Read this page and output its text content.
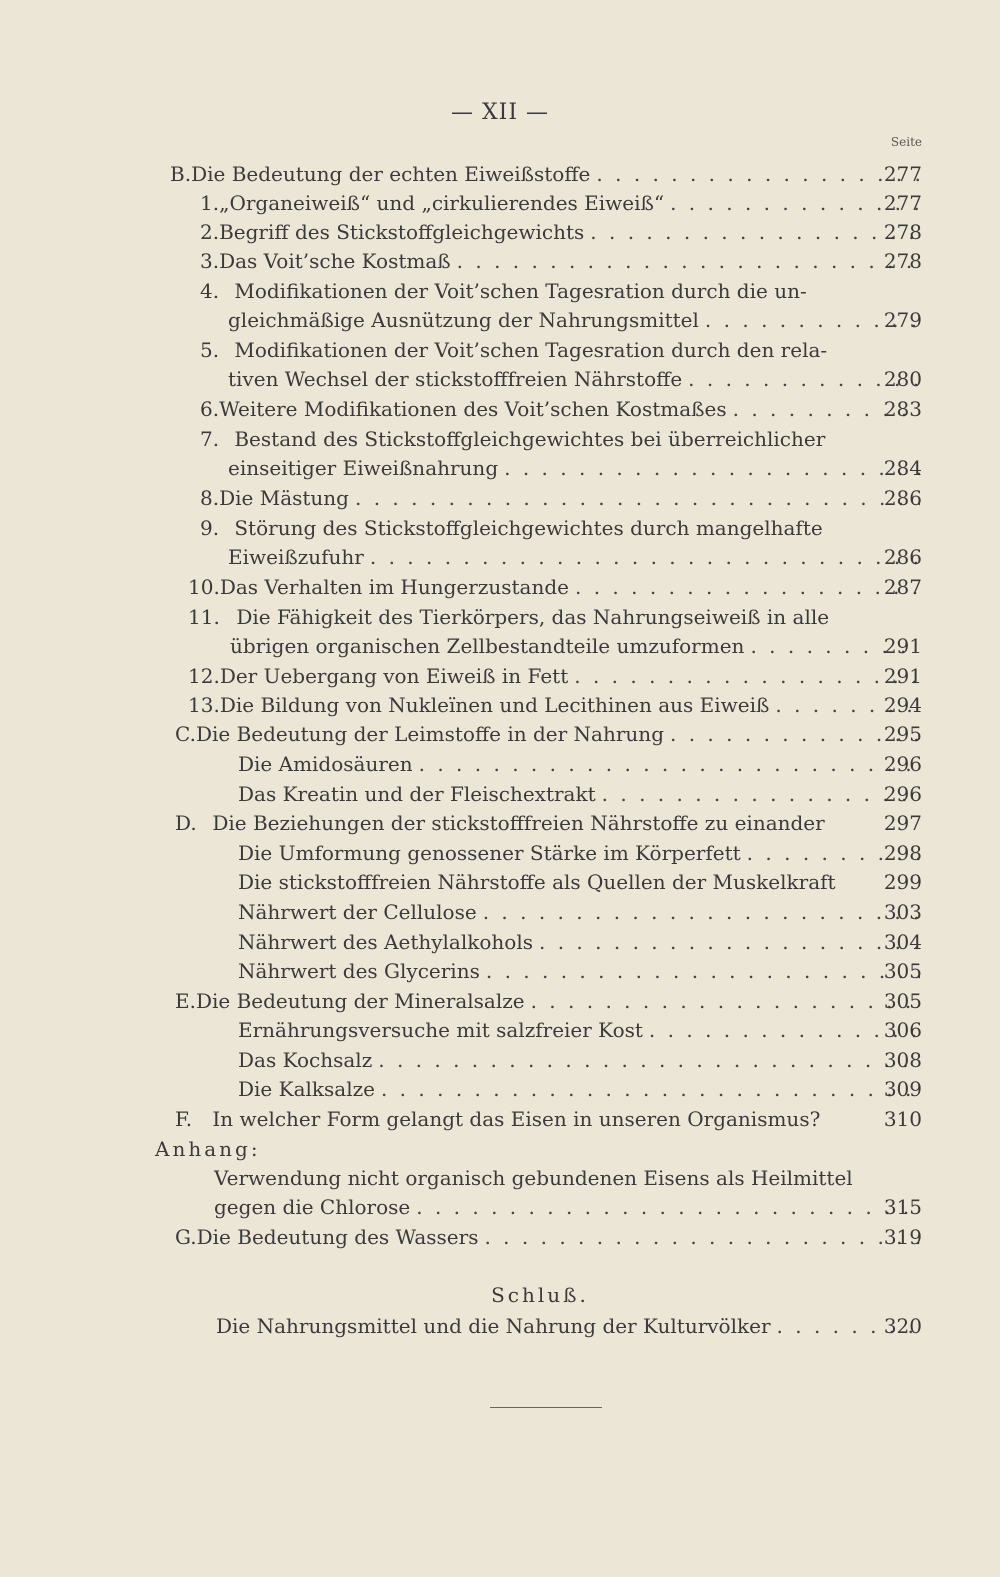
— XII —
Seite
B. Die Bedeutung der echten Eiweißstoffe . . .	277
1. „Organeiweiß“ und „cirkulierendes Eiweiß“ . . .	277
2. Begriff des Stickstoffgleichgewichts . . .	278
3. Das Voit’sche Kostmaß . . .	278
4. Modifikationen der Voit’schen Tagesration durch die un-
gleichmäßige Ausnützung der Nahrungsmittel . . .	279
5. Modifikationen der Voit’schen Tagesration durch den rela-
tiven Wechsel der stickstofffreien Nährstoffe . . .	280
6. Weitere Modifikationen des Voit’schen Kostmaßes . . .	283
7. Bestand des Stickstoffgleichgewichtes bei überreichlicher
einseitiger Eiweißnahrung . . .	284
8. Die Mästung . . .	286
9. Störung des Stickstoffgleichgewichtes durch mangelhafte
Eiweißzufuhr . . .	286
10. Das Verhalten im Hungerzustande . . .	287
11. Die Fähigkeit des Tierkörpers, das Nahrungseiweiß in alle
übrigen organischen Zellbestandteile umzuformen . . .	291
12. Der Uebergang von Eiweiß in Fett . . .	291
13. Die Bildung von Nukleïnen und Lecithinen aus Eiweiß . . .	294
C. Die Bedeutung der Leimstoffe in der Nahrung . . .	295
Die Amidosäuren . . .	296
Das Kreatin und der Fleischextrakt . . .	296
D. Die Beziehungen der stickstofffreien Nährstoffe zu einander	297
Die Umformung genossener Stärke im Körperfett . . .	298
Die stickstofffreien Nährstoffe als Quellen der Muskelkraft	299
Nährwert der Cellulose . . .	303
Nährwert des Aethylalkohols . . .	304
Nährwert des Glycerins . . .	305
E. Die Bedeutung der Mineralsalze . . .	305
Ernährungsversuche mit salzfreier Kost . . .	306
Das Kochsalz . . .	308
Die Kalksalze . . .	309
F. In welcher Form gelangt das Eisen in unseren Organismus?	310
Anhang:
Verwendung nicht organisch gebundenen Eisens als Heilmittel
gegen die Chlorose . . .	315
G. Die Bedeutung des Wassers . . .	319
Schluß.
Die Nahrungsmittel und die Nahrung der Kulturvölker . . .	320
